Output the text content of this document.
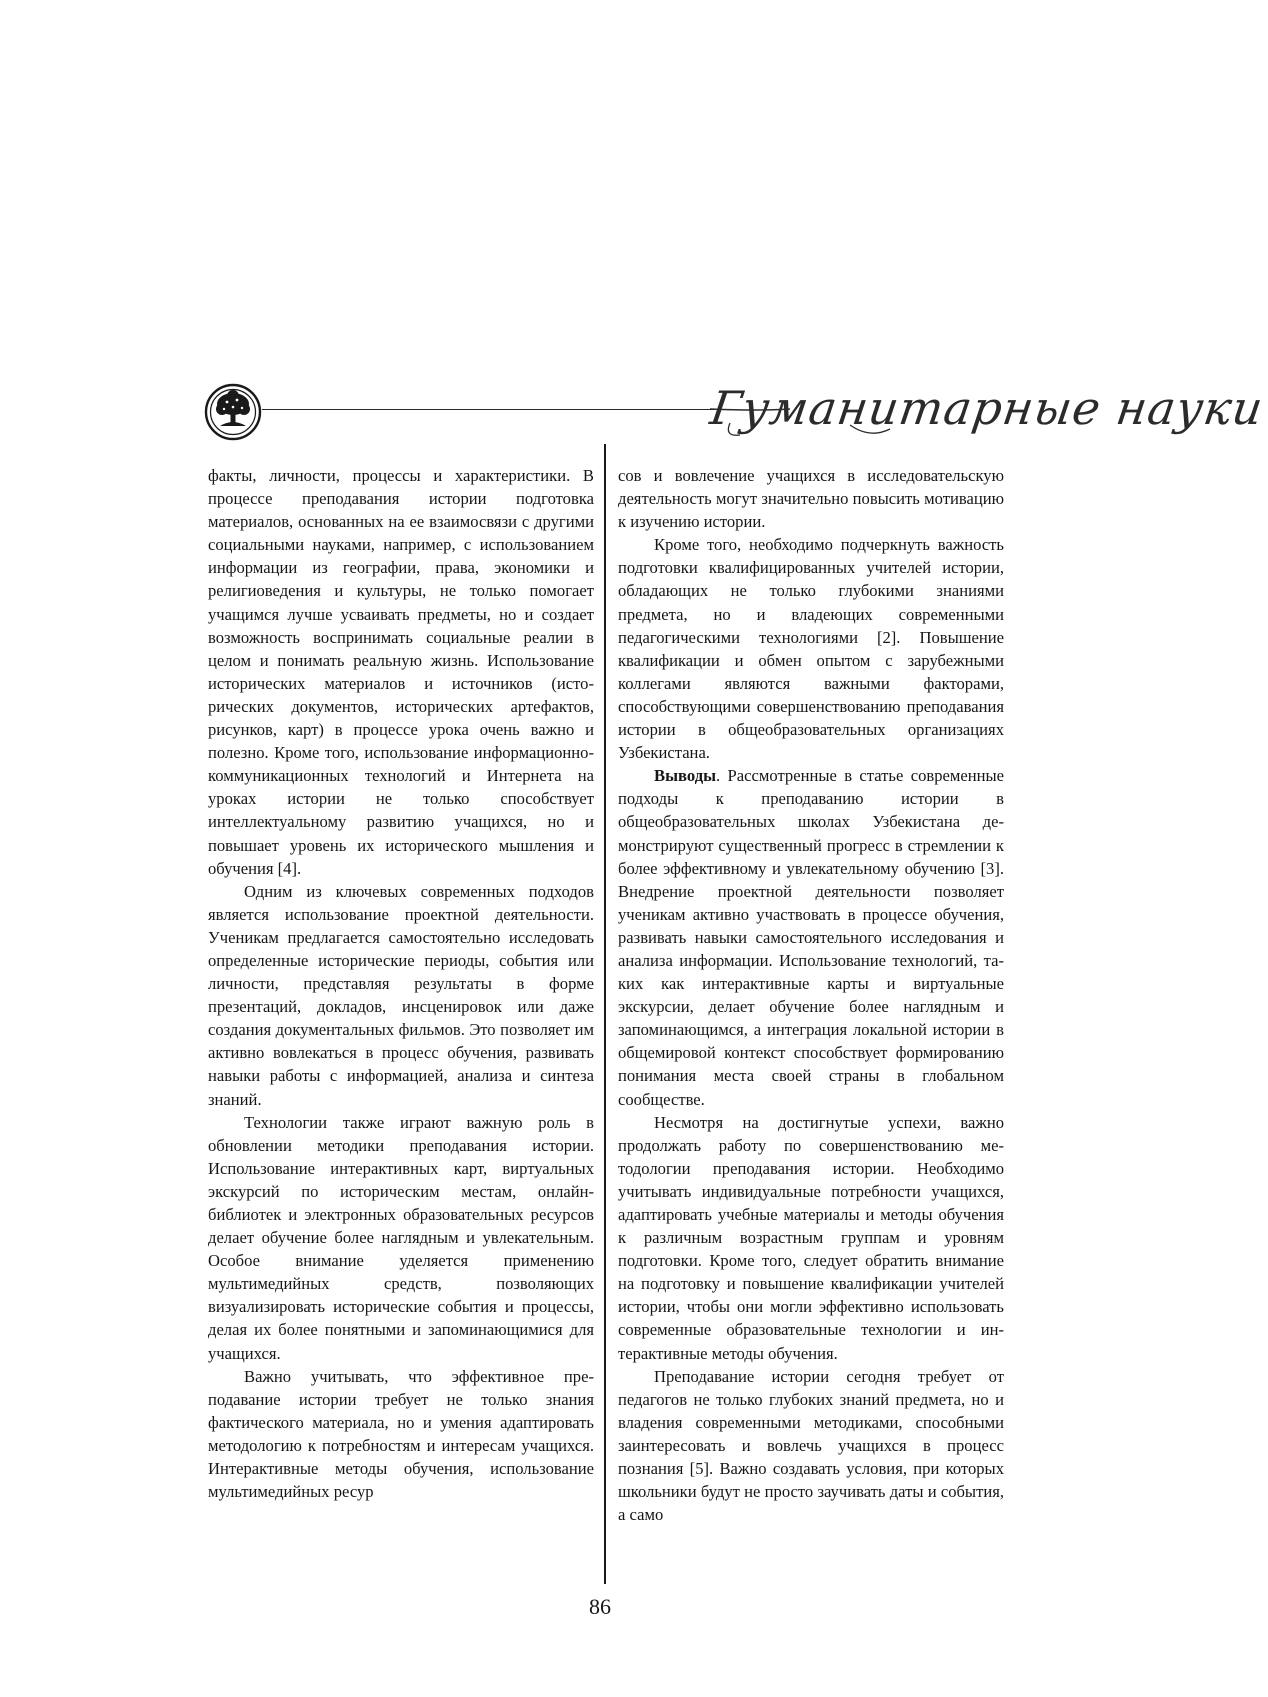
Гуманитарные науки

факты, личности, процессы и характеристики. В процессе преподавания истории подготовка материалов, основанных на ее взаимосвязи с другими социальными науками, например, с использованием информации из географии, права, экономики и религиоведения и культуры, не только помогает учащимся лучше усваивать предметы, но и создает возможность воспринимать социальные реалии в целом и понимать реальную жизнь. Использование исторических материалов и источников (исторических документов, исторических артефактов, рисунков, карт) в процессе урока очень важно и полезно. Кроме того, использование информационно-коммуникационных технологий и Интернета на уроках истории не только способствует интеллектуальному развитию учащихся, но и повышает уровень их исторического мышления и обучения [4].

Одним из ключевых современных подходов является использование проектной деятельности. Ученикам предлагается самостоятельно исследовать определенные исторические периоды, события или личности, представляя результаты в форме презентаций, докладов, инсценировок или даже создания документальных фильмов. Это позволяет им активно вовлекаться в процесс обучения, развивать навыки работы с информацией, анализа и синтеза знаний.

Технологии также играют важную роль в обновлении методики преподавания истории. Использование интерактивных карт, виртуальных экскурсий по историческим местам, онлайн-библиотек и электронных образовательных ресурсов делает обучение более наглядным и увлекательным. Особое внимание уделяется применению мультимедийных средств, позволяющих визуализировать исторические события и процессы, делая их более понятными и запоминающимися для учащихся.

Важно учитывать, что эффективное преподавание истории требует не только знания фактического материала, но и умения адаптировать методологию к потребностям и интересам учащихся. Интерактивные методы обучения, использование мультимедийных ресур

сов и вовлечение учащихся в исследовательскую деятельность могут значительно повысить мотивацию к изучению истории.

Кроме того, необходимо подчеркнуть важность подготовки квалифицированных учителей истории, обладающих не только глубокими знаниями предмета, но и владеющих современными педагогическими технологиями [2]. Повышение квалификации и обмен опытом с зарубежными коллегами являются важными факторами, способствующими совершенствованию преподавания истории в общеобразовательных организациях Узбекистана.

Выводы. Рассмотренные в статье современные подходы к преподаванию истории в общеобразовательных школах Узбекистана демонстрируют существенный прогресс в стремлении к более эффективному и увлекательному обучению [3]. Внедрение проектной деятельности позволяет ученикам активно участвовать в процессе обучения, развивать навыки самостоятельного исследования и анализа информации. Использование технологий, таких как интерактивные карты и виртуальные экскурсии, делает обучение более наглядным и запоминающимся, а интеграция локальной истории в общемировой контекст способствует формированию понимания места своей страны в глобальном сообществе.

Несмотря на достигнутые успехи, важно продолжать работу по совершенствованию методологии преподавания истории. Необходимо учитывать индивидуальные потребности учащихся, адаптировать учебные материалы и методы обучения к различным возрастным группам и уровням подготовки. Кроме того, следует обратить внимание на подготовку и повышение квалификации учителей истории, чтобы они могли эффективно использовать современные образовательные технологии и интерактивные методы обучения.

Преподавание истории сегодня требует от педагогов не только глубоких знаний предмета, но и владения современными методиками, способными заинтересовать и вовлечь учащихся в процесс познания [5]. Важно создавать условия, при которых школьники будут не просто заучивать даты и события, а само

86
